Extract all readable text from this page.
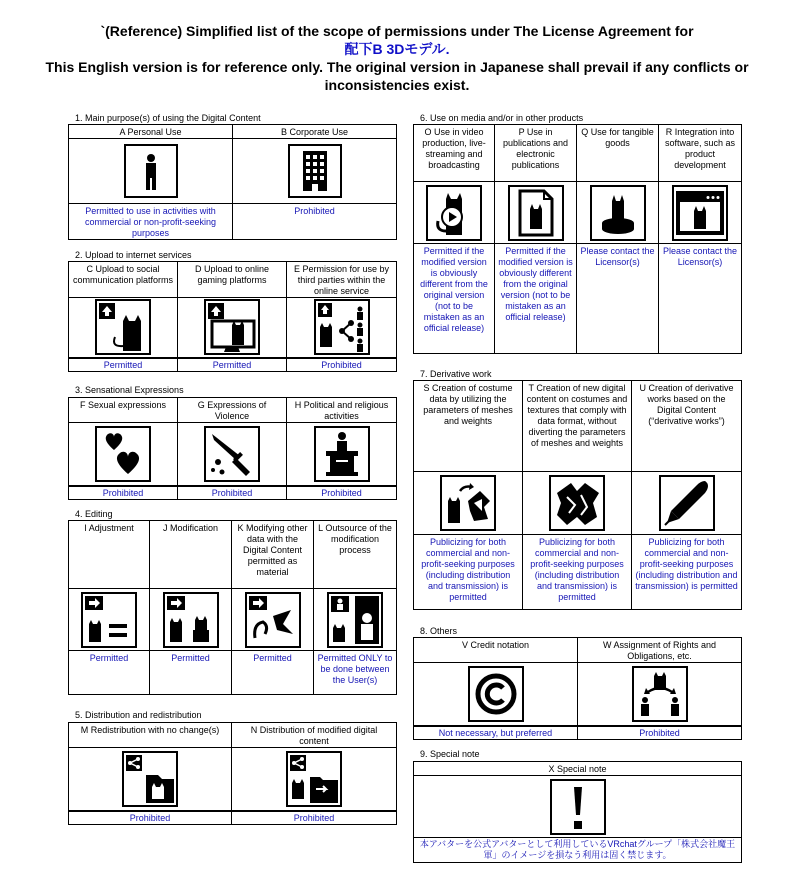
`(Reference) Simplified list of the scope of permissions under The License Agreement for
配下B 3Dモデル.
This English version is for reference only. The original version in Japanese shall prevail if any conflicts or
inconsistencies exist.
1. Main purpose(s) of using the Digital Content
A Personal Use	B Corporate Use

Permitted to use in activities with commercial or non-profit-seeking purposes	Prohibited
2. Upload to internet services
C Upload to social communication platforms	D Upload to online gaming platforms	E Permission for use by third parties within the online service

Permitted	Permitted	Prohibited
3. Sensational Expressions
F Sexual expressions	G Expressions of Violence	H Political and religious activities

Prohibited	Prohibited	Prohibited
4. Editing
I Adjustment	J Modification	K Modifying other data with the Digital Content permitted as material	L Outsource of the modification process

Permitted	Permitted	Permitted	Permitted ONLY to be done between the User(s)
5. Distribution and redistribution
M Redistribution with no change(s)	N Distribution of modified digital content

Prohibited	Prohibited
6. Use on media and/or in other products
O Use in video production, live-streaming and broadcasting	P Use in publications and electronic publications	Q Use for tangible goods	R Integration into software, such as product development

Permitted if the modified version is obviously different from the original version (not to be mistaken as an official release)	Permitted if the modified version is obviously different from the original version (not to be mistaken as an official release)	Please contact the Licensor(s)	Please contact the Licensor(s)
7. Derivative work
S Creation of costume data by utilizing the parameters of meshes and weights	T Creation of new digital content on costumes and textures that comply with data format, without diverting the parameters of meshes and weights	U Creation of derivative works based on the Digital Content (“derivative works”)

Publicizing for both commercial and non-profit-seeking purposes (including distribution and transmission) is permitted	Publicizing for both commercial and non-profit-seeking purposes (including distribution and transmission) is permitted	Publicizing for both commercial and non-profit-seeking purposes (including distribution and transmission) is permitted
8. Others
V Credit notation	W Assignment of Rights and Obligations, etc.

Not necessary, but preferred	Prohibited
9. Special note
X Special note

本アバターを公式アバターとして利用しているVRchatグループ「株式会社魔王軍」のイメージを損なう利用は固く禁じます。
